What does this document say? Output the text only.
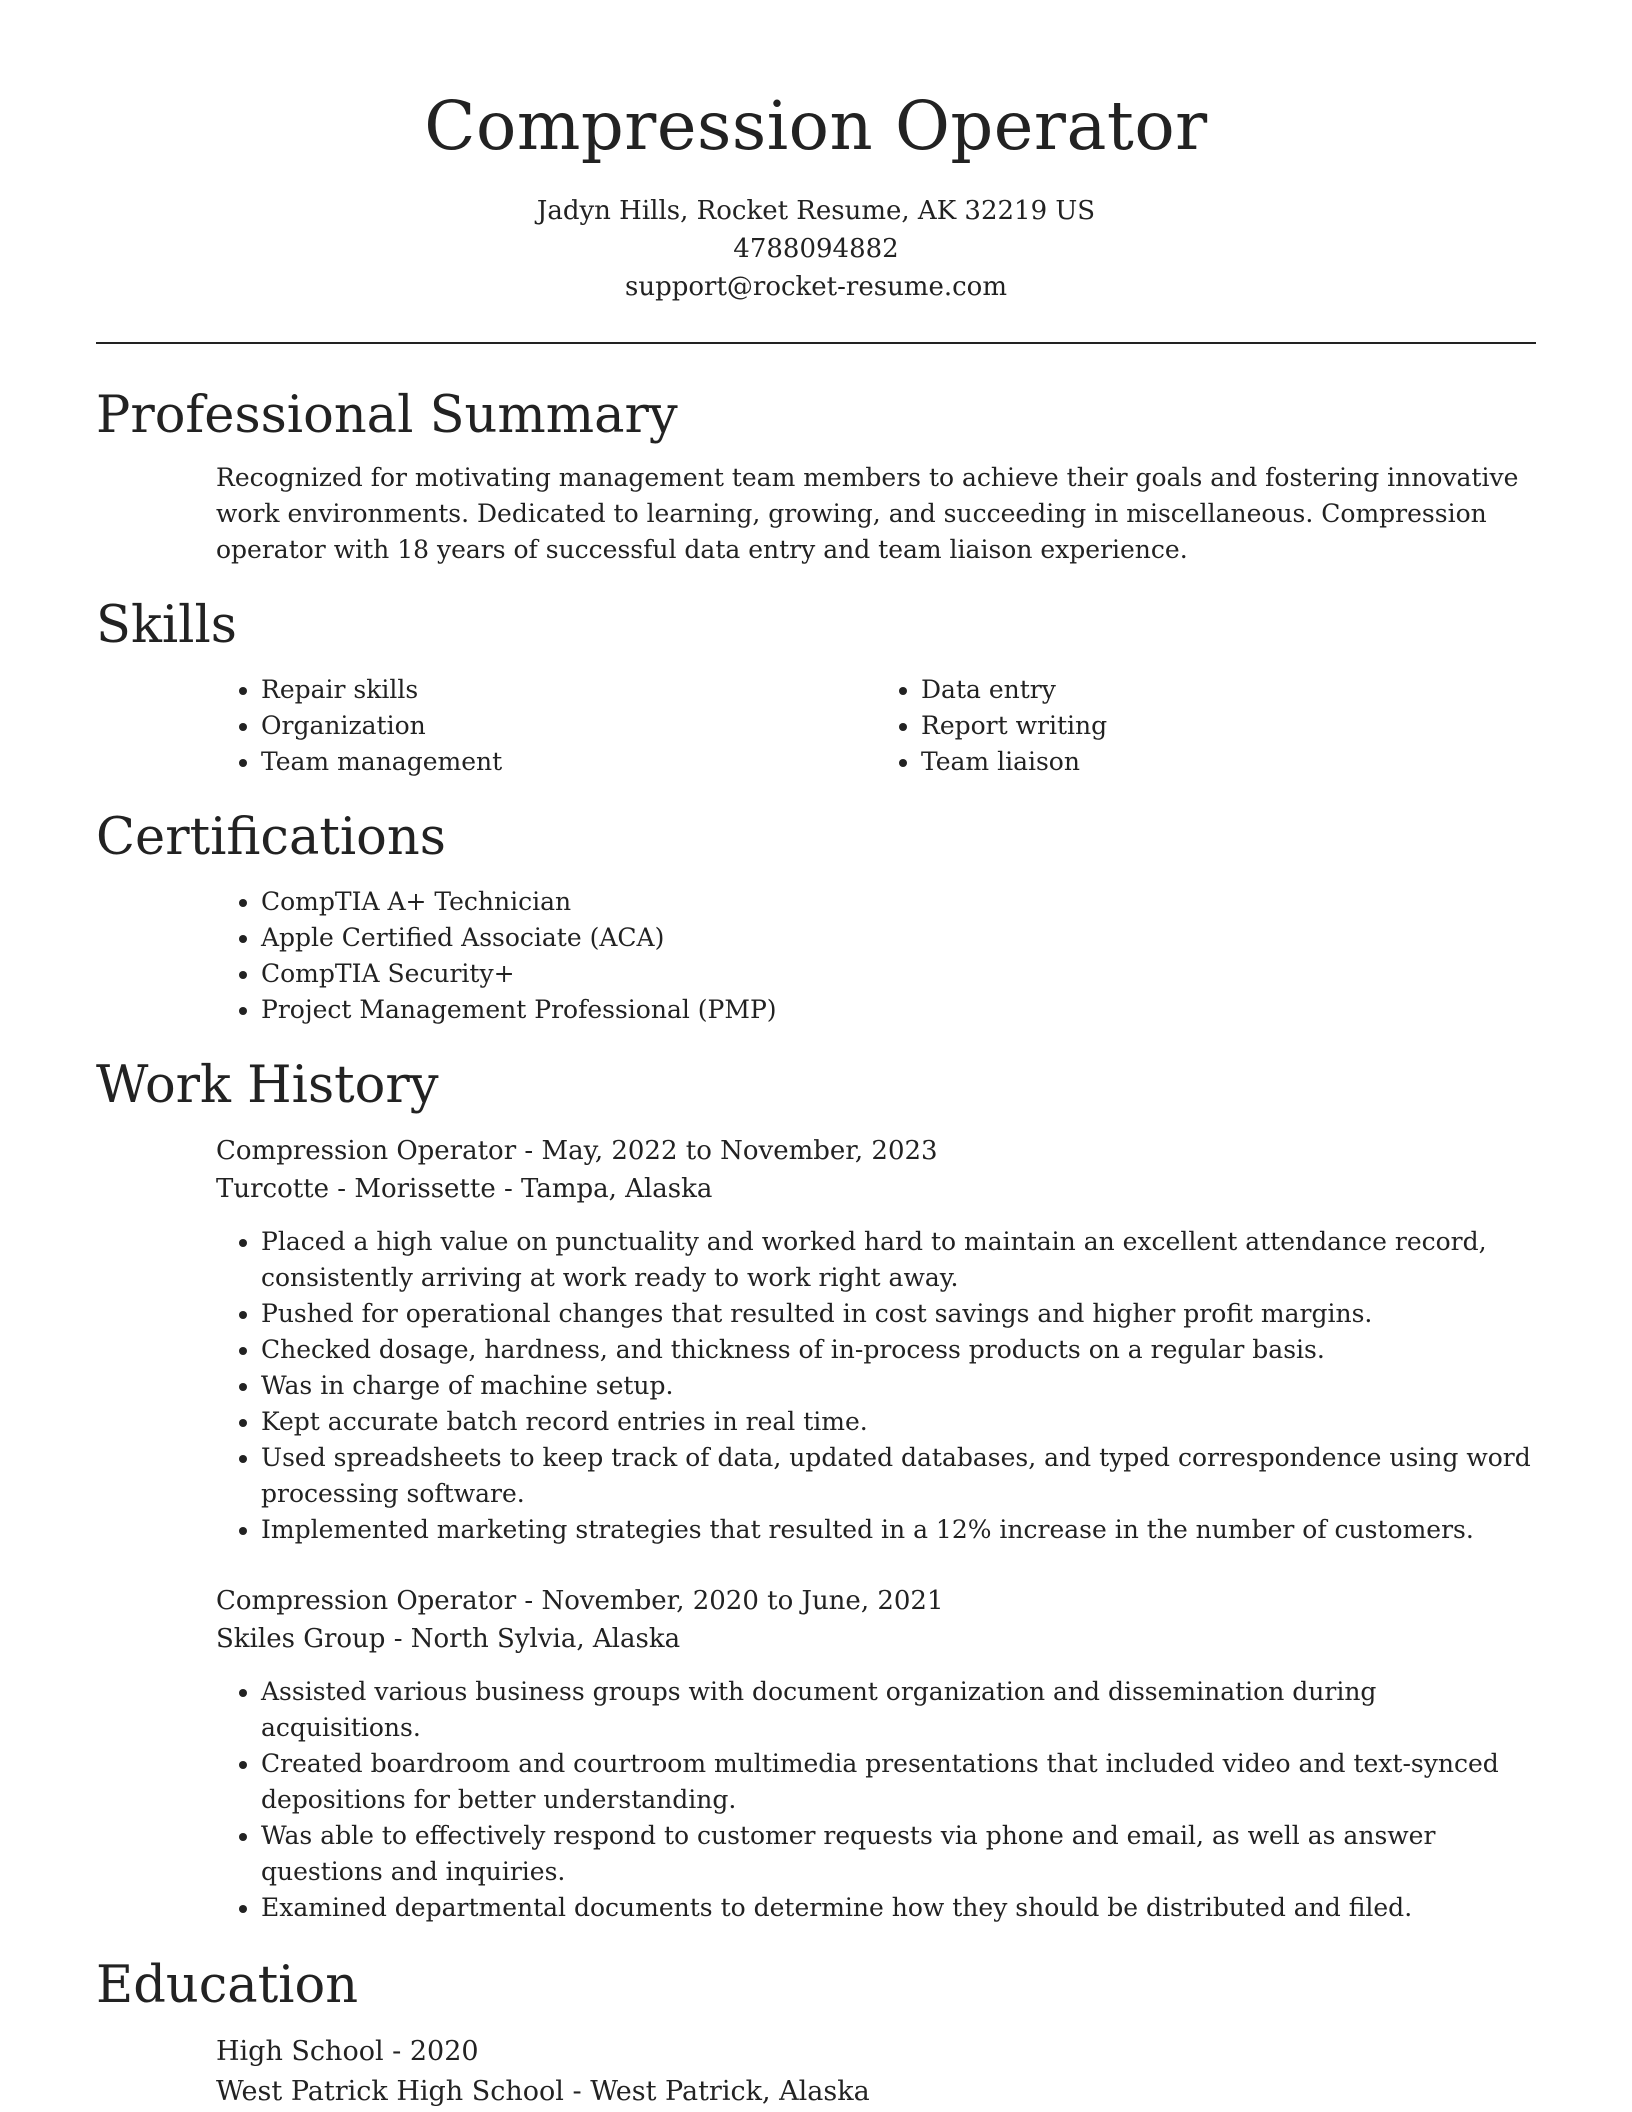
Compression Operator
Jadyn Hills, Rocket Resume, AK 32219 US
4788094882
support@rocket-resume.com
Professional Summary

Recognized for motivating management team members to achieve their goals and fostering innovative work environments. Dedicated to learning, growing, and succeeding in miscellaneous. Compression operator with 18 years of successful data entry and team liaison experience.

Skills
• Repair skills
• Organization
• Team management
• Data entry
• Report writing
• Team liaison
Certifications
• CompTIA A+ Technician
• Apple Certified Associate (ACA)
• CompTIA Security+
• Project Management Professional (PMP)
Work History
Compression Operator - May, 2022 to November, 2023
Turcotte - Morissette - Tampa, Alaska
• Placed a high value on punctuality and worked hard to maintain an excellent attendance record, consistently arriving at work ready to work right away.
• Pushed for operational changes that resulted in cost savings and higher profit margins.
• Checked dosage, hardness, and thickness of in-process products on a regular basis.
• Was in charge of machine setup.
• Kept accurate batch record entries in real time.
• Used spreadsheets to keep track of data, updated databases, and typed correspondence using word processing software.
• Implemented marketing strategies that resulted in a 12% increase in the number of customers.
Compression Operator - November, 2020 to June, 2021
Skiles Group - North Sylvia, Alaska
• Assisted various business groups with document organization and dissemination during acquisitions.
• Created boardroom and courtroom multimedia presentations that included video and text-synced depositions for better understanding.
• Was able to effectively respond to customer requests via phone and email, as well as answer questions and inquiries.
• Examined departmental documents to determine how they should be distributed and filed.
Education
High School - 2020
West Patrick High School - West Patrick, Alaska
